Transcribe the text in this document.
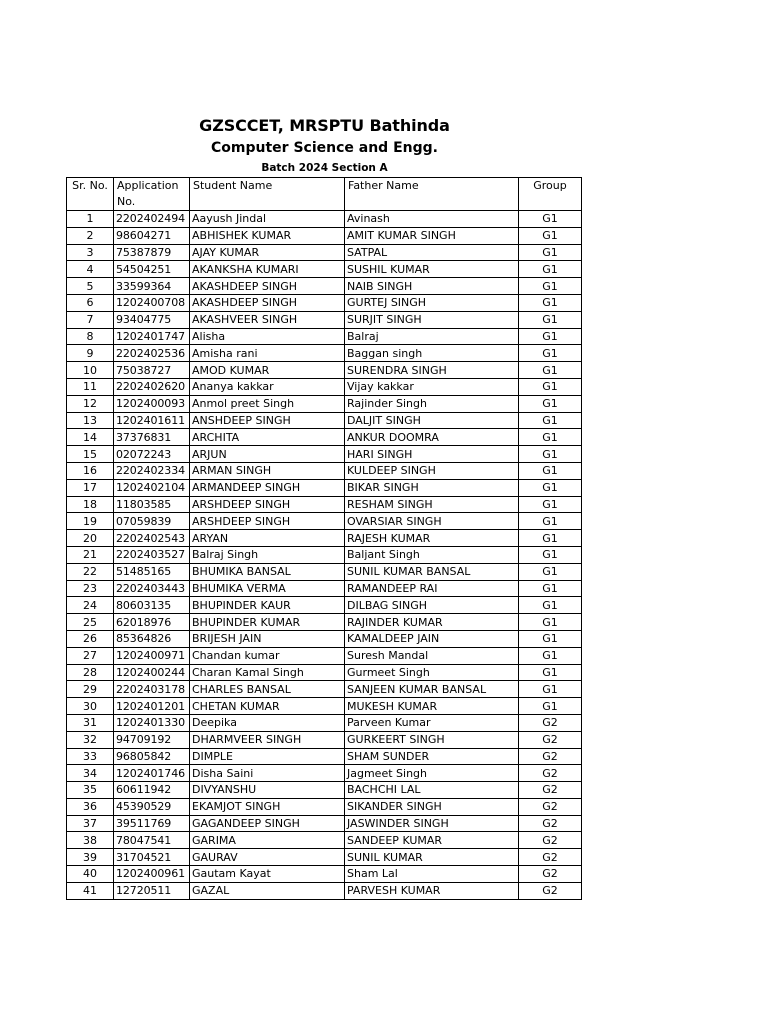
GZSCCET, MRSPTU Bathinda
Computer Science and Engg.
Batch 2024 Section A
Sr. No.	Application No.	Student Name	Father Name	Group
1	2202402494	Aayush Jindal	Avinash	G1
2	98604271	ABHISHEK KUMAR	AMIT KUMAR SINGH	G1
3	75387879	AJAY KUMAR	SATPAL	G1
4	54504251	AKANKSHA KUMARI	SUSHIL KUMAR	G1
5	33599364	AKASHDEEP SINGH	NAIB SINGH	G1
6	1202400708	AKASHDEEP SINGH	GURTEJ SINGH	G1
7	93404775	AKASHVEER SINGH	SURJIT SINGH	G1
8	1202401747	Alisha	Balraj	G1
9	2202402536	Amisha rani	Baggan singh	G1
10	75038727	AMOD KUMAR	SURENDRA SINGH	G1
11	2202402620	Ananya kakkar	Vijay kakkar	G1
12	1202400093	Anmol preet Singh	Rajinder Singh	G1
13	1202401611	ANSHDEEP SINGH	DALJIT SINGH	G1
14	37376831	ARCHITA	ANKUR DOOMRA	G1
15	02072243	ARJUN	HARI SINGH	G1
16	2202402334	ARMAN SINGH	KULDEEP SINGH	G1
17	1202402104	ARMANDEEP SINGH	BIKAR SINGH	G1
18	11803585	ARSHDEEP SINGH	RESHAM SINGH	G1
19	07059839	ARSHDEEP SINGH	OVARSIAR SINGH	G1
20	2202402543	ARYAN	RAJESH KUMAR	G1
21	2202403527	Balraj Singh	Baljant Singh	G1
22	51485165	BHUMIKA BANSAL	SUNIL KUMAR BANSAL	G1
23	2202403443	BHUMIKA VERMA	RAMANDEEP RAI	G1
24	80603135	BHUPINDER KAUR	DILBAG SINGH	G1
25	62018976	BHUPINDER KUMAR	RAJINDER KUMAR	G1
26	85364826	BRIJESH JAIN	KAMALDEEP JAIN	G1
27	1202400971	Chandan kumar	Suresh Mandal	G1
28	1202400244	Charan Kamal Singh	Gurmeet Singh	G1
29	2202403178	CHARLES BANSAL	SANJEEN KUMAR BANSAL	G1
30	1202401201	CHETAN KUMAR	MUKESH KUMAR	G1
31	1202401330	Deepika	Parveen Kumar	G2
32	94709192	DHARMVEER SINGH	GURKEERT SINGH	G2
33	96805842	DIMPLE	SHAM SUNDER	G2
34	1202401746	Disha Saini	Jagmeet Singh	G2
35	60611942	DIVYANSHU	BACHCHI LAL	G2
36	45390529	EKAMJOT SINGH	SIKANDER SINGH	G2
37	39511769	GAGANDEEP SINGH	JASWINDER SINGH	G2
38	78047541	GARIMA	SANDEEP KUMAR	G2
39	31704521	GAURAV	SUNIL KUMAR	G2
40	1202400961	Gautam Kayat	Sham Lal	G2
41	12720511	GAZAL	PARVESH KUMAR	G2
